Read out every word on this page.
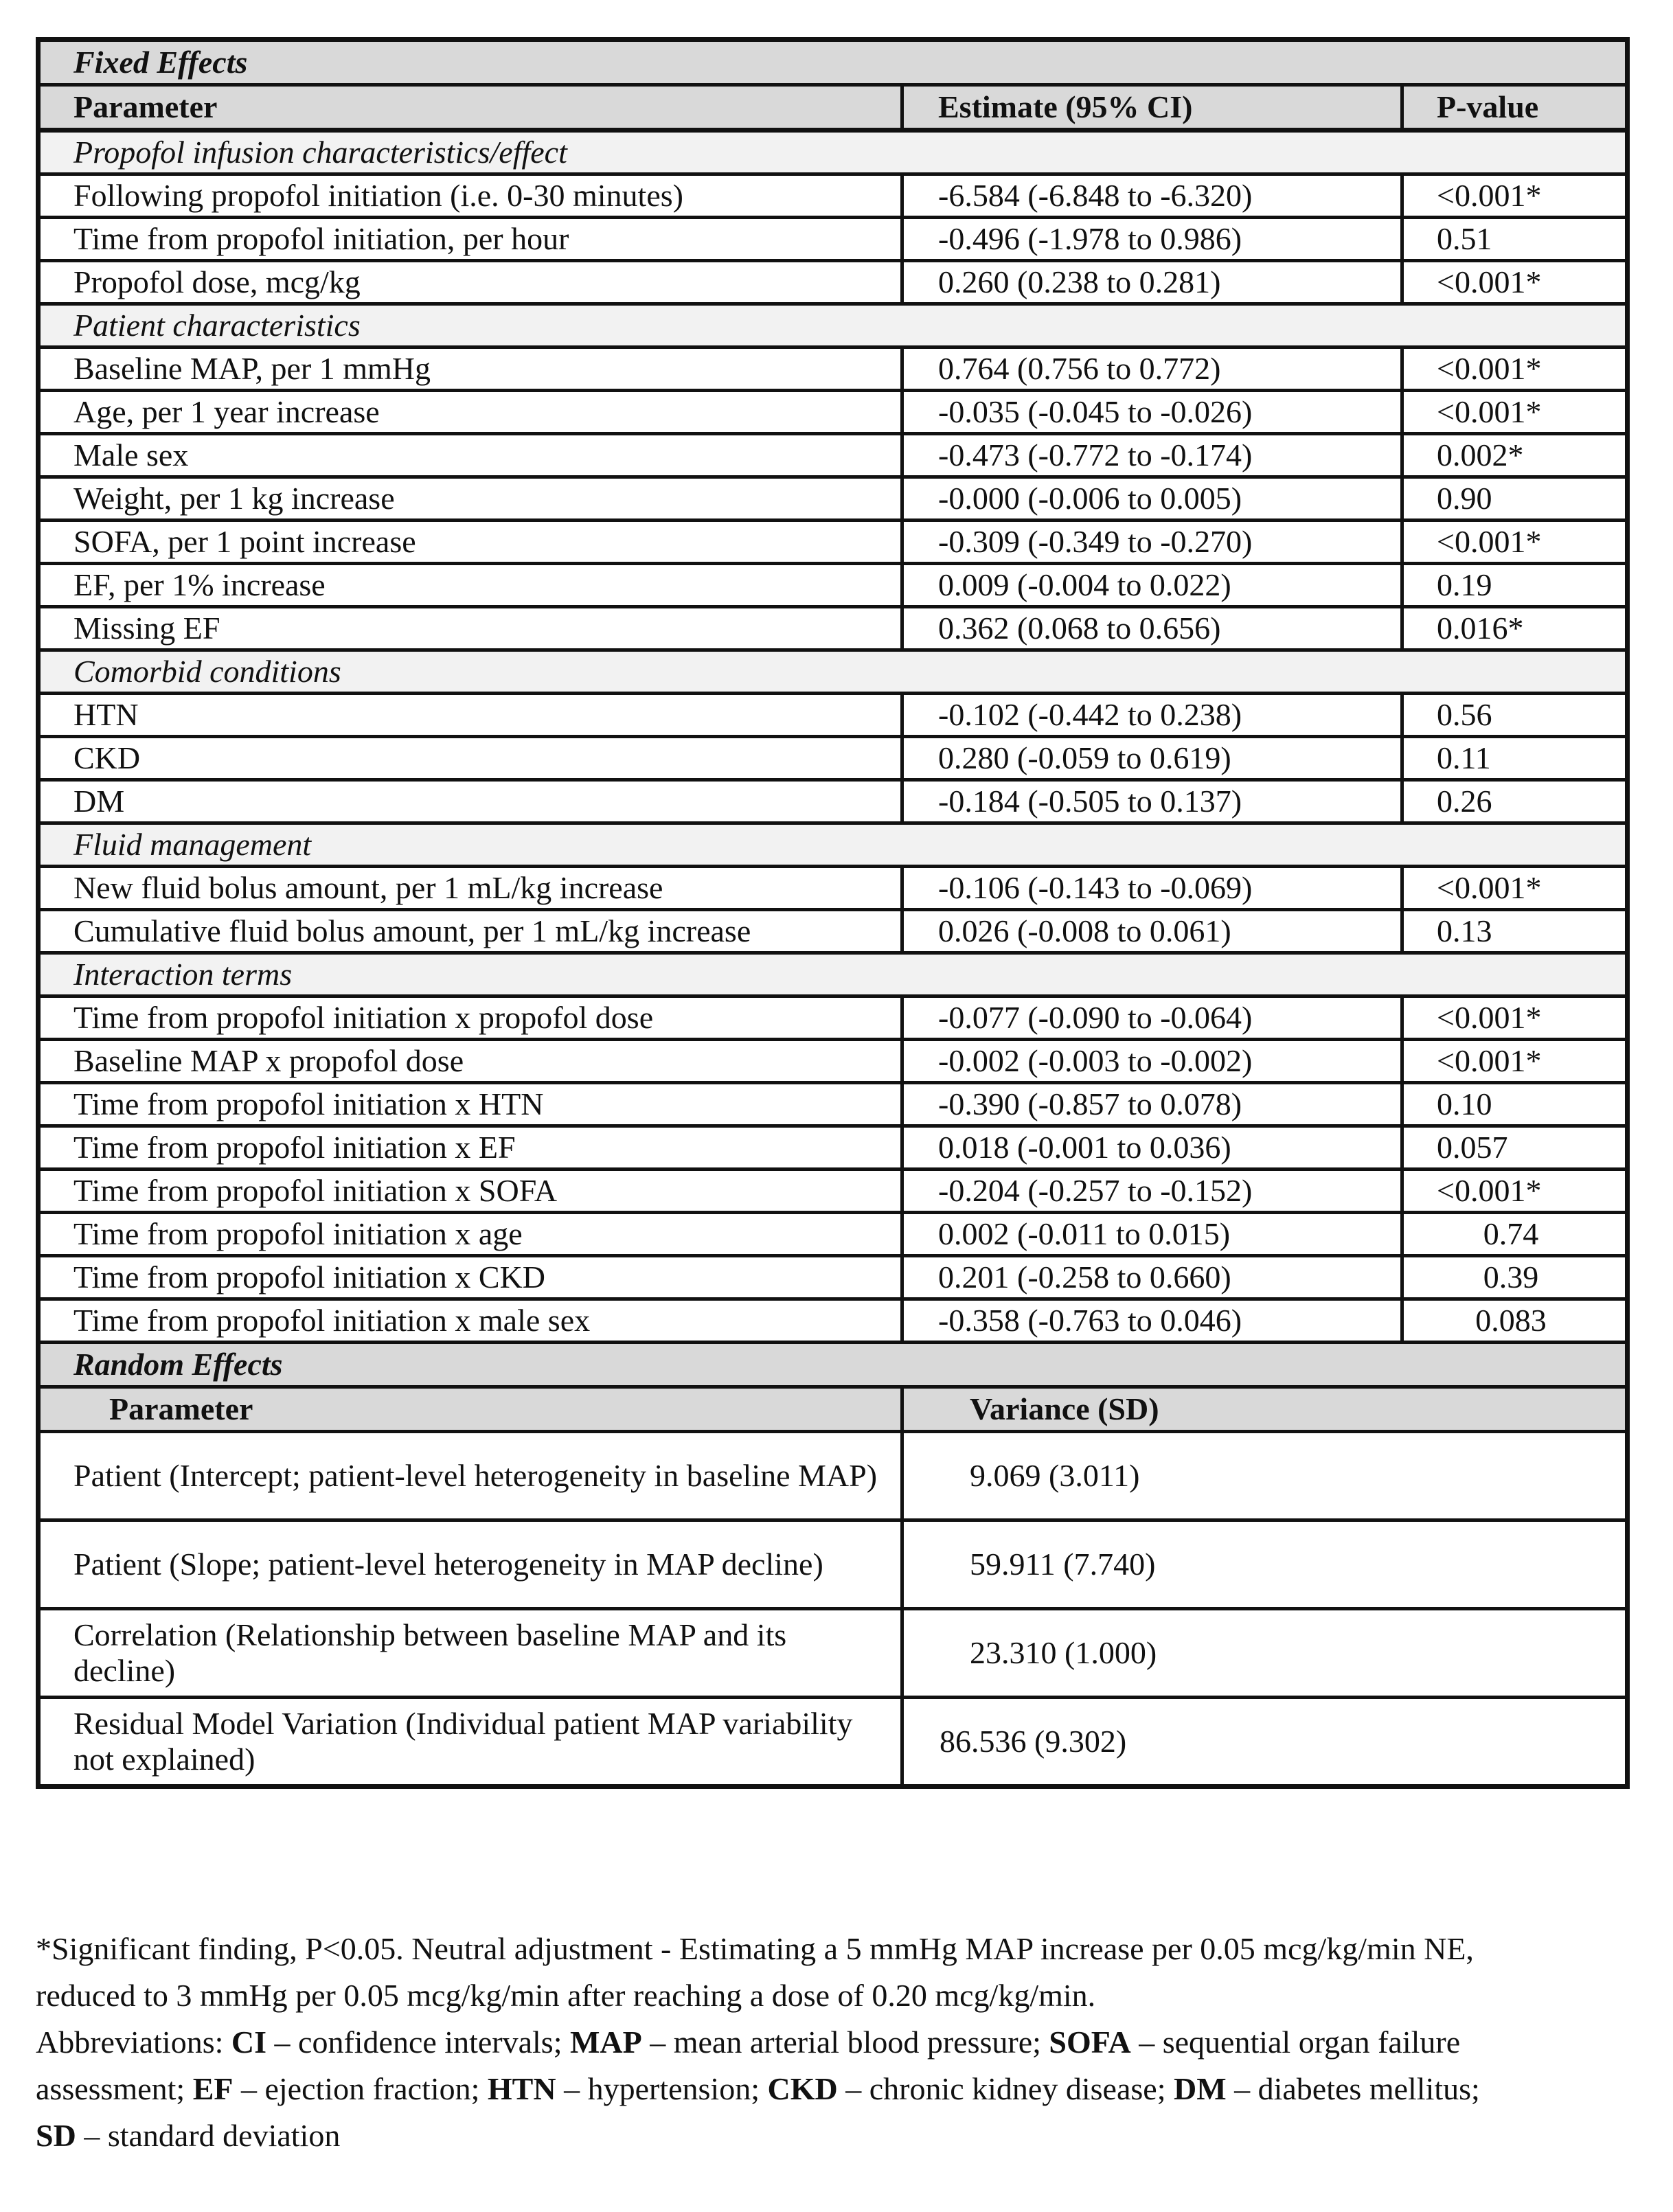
Fixed Effects		
Parameter	Estimate (95% CI)	P-value
Propofol infusion characteristics/effect		
Following propofol initiation (i.e. 0-30 minutes)	-6.584 (-6.848 to -6.320)	<0.001*
Time from propofol initiation, per hour	-0.496 (-1.978 to 0.986)	0.51
Propofol dose, mcg/kg	0.260 (0.238 to 0.281)	<0.001*
Patient characteristics		
Baseline MAP, per 1 mmHg	0.764 (0.756 to 0.772)	<0.001*
Age, per 1 year increase	-0.035 (-0.045 to -0.026)	<0.001*
Male sex	-0.473 (-0.772 to -0.174)	0.002*
Weight, per 1 kg increase	-0.000 (-0.006 to 0.005)	0.90
SOFA, per 1 point increase	-0.309 (-0.349 to -0.270)	<0.001*
EF, per 1% increase	0.009 (-0.004 to 0.022)	0.19
Missing EF	0.362 (0.068 to 0.656)	0.016*
Comorbid conditions		
HTN	-0.102 (-0.442 to 0.238)	0.56
CKD	0.280 (-0.059 to 0.619)	0.11
DM	-0.184 (-0.505 to 0.137)	0.26
Fluid management		
New fluid bolus amount, per 1 mL/kg increase	-0.106 (-0.143 to -0.069)	<0.001*
Cumulative fluid bolus amount, per 1 mL/kg increase	0.026 (-0.008 to 0.061)	0.13
Interaction terms		
Time from propofol initiation x propofol dose	-0.077 (-0.090 to -0.064)	<0.001*
Baseline MAP x propofol dose	-0.002 (-0.003 to -0.002)	<0.001*
Time from propofol initiation x HTN	-0.390 (-0.857 to 0.078)	0.10
Time from propofol initiation x EF	0.018 (-0.001 to 0.036)	0.057
Time from propofol initiation x SOFA	-0.204 (-0.257 to -0.152)	<0.001*
Time from propofol initiation x age	0.002 (-0.011 to 0.015)	0.74
Time from propofol initiation x CKD	0.201 (-0.258 to 0.660)	0.39
Time from propofol initiation x male sex	-0.358 (-0.763 to 0.046)	0.083
Random Effects		
Parameter	Variance (SD)	
Patient (Intercept; patient-level heterogeneity in baseline MAP)	9.069 (3.011)	
Patient (Slope; patient-level heterogeneity in MAP decline)	59.911 (7.740)	
Correlation (Relationship between baseline MAP and its decline)	23.310 (1.000)	
Residual Model Variation (Individual patient MAP variability not explained)	86.536 (9.302)	

*Significant finding, P<0.05. Neutral adjustment - Estimating a 5 mmHg MAP increase per 0.05 mcg/kg/min NE,

reduced to 3 mmHg per 0.05 mcg/kg/min after reaching a dose of 0.20 mcg/kg/min.

Abbreviations: CI – confidence intervals; MAP – mean arterial blood pressure; SOFA – sequential organ failure

assessment; EF – ejection fraction; HTN – hypertension; CKD – chronic kidney disease; DM – diabetes mellitus;

SD – standard deviation
